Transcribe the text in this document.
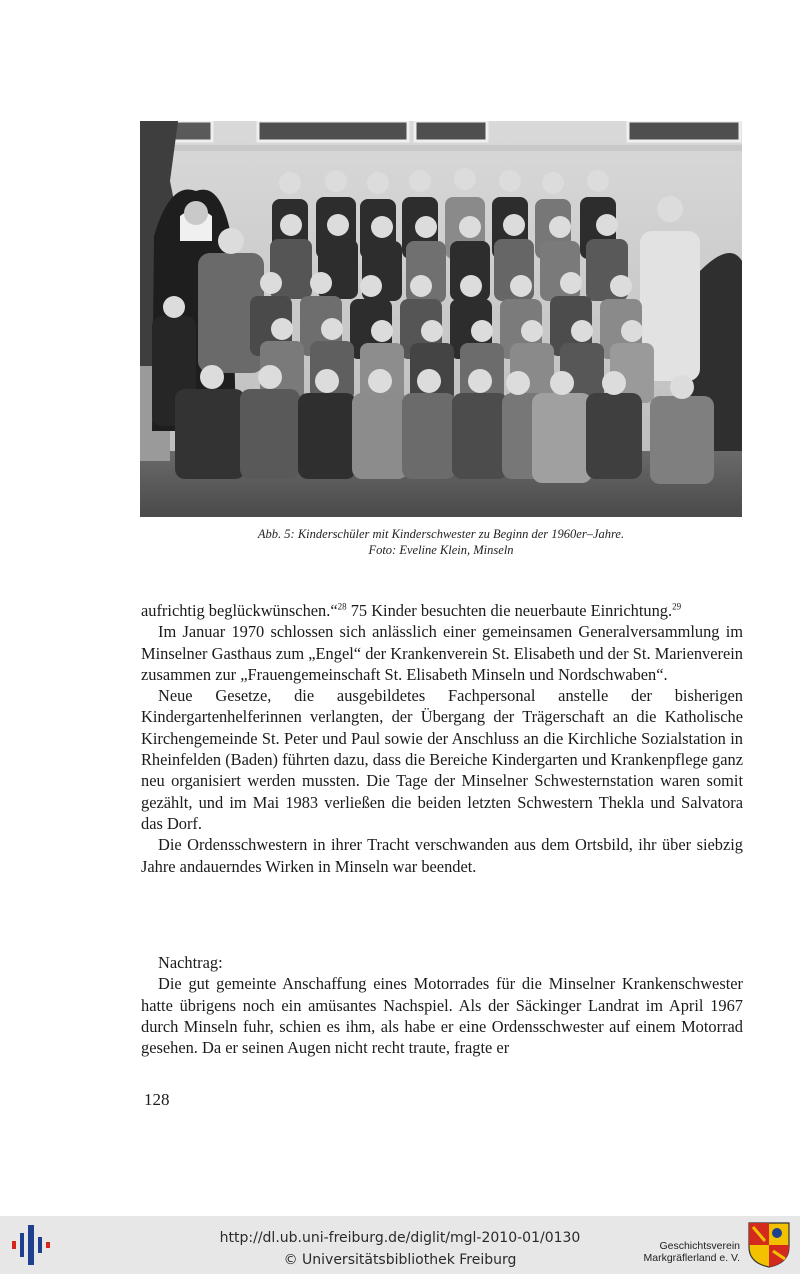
Abb. 5: Kinderschüler mit Kinderschwester zu Beginn der 1960er–Jahre.
Foto: Eveline Klein, Minseln

aufrichtig beglückwünschen.“$^{28}$ 75 Kinder besuchten die neuerbaute Einrichtung.$^{29}$

Im Januar 1970 schlossen sich anlässlich einer gemeinsamen Generalversammlung im Minselner Gasthaus zum „Engel“ der Krankenverein St. Elisabeth und der St. Marienverein zusammen zur „Frauengemeinschaft St. Elisabeth Minseln und Nordschwaben“.

Neue Gesetze, die ausgebildetes Fachpersonal anstelle der bisherigen Kindergartenhelferinnen verlangten, der Übergang der Trägerschaft an die Katholische Kirchengemeinde St. Peter und Paul sowie der Anschluss an die Kirchliche Sozialstation in Rheinfelden (Baden) führten dazu, dass die Bereiche Kindergarten und Krankenpflege ganz neu organisiert werden mussten. Die Tage der Minselner Schwesternstation waren somit gezählt, und im Mai 1983 verließen die beiden letzten Schwestern Thekla und Salvatora das Dorf.

Die Ordensschwestern in ihrer Tracht verschwanden aus dem Ortsbild, ihr über siebzig Jahre andauerndes Wirken in Minseln war beendet.

Nachtrag:

Die gut gemeinte Anschaffung eines Motorrades für die Minselner Krankenschwester hatte übrigens noch ein amüsantes Nachspiel. Als der Säckinger Landrat im April 1967 durch Minseln fuhr, schien es ihm, als habe er eine Ordensschwester auf einem Motorrad gesehen. Da er seinen Augen nicht recht traute, fragte er

128
http://dl.ub.uni-freiburg.de/diglit/mgl-2010-01/0130
© Universitätsbibliothek Freiburg
Geschichtsverein
Markgräflerland e. V.
